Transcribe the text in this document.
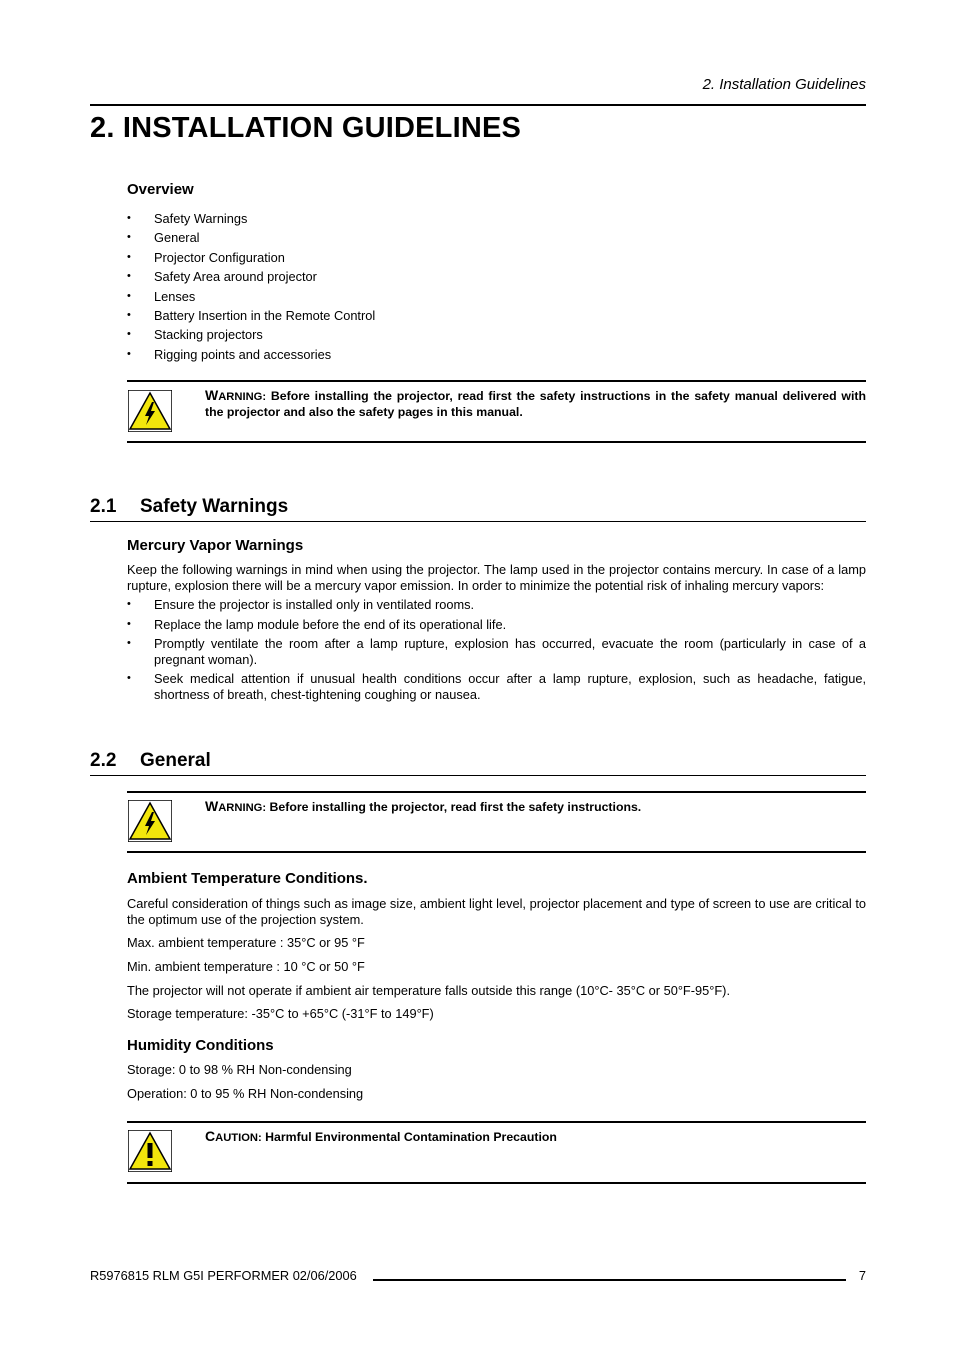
2. Installation Guidelines
2. INSTALLATION GUIDELINES
Overview
• Safety Warnings
• General
• Projector Configuration
• Safety Area around projector
• Lenses
• Battery Insertion in the Remote Control
• Stacking projectors
• Rigging points and accessories
WARNING: Before installing the projector, read first the safety instructions in the safety manual delivered with the projector and also the safety pages in this manual.
2.1 Safety Warnings
Mercury Vapor Warnings
Keep the following warnings in mind when using the projector. The lamp used in the projector contains mercury. In case of a lamp rupture, explosion there will be a mercury vapor emission. In order to minimize the potential risk of inhaling mercury vapors:
• Ensure the projector is installed only in ventilated rooms.
• Replace the lamp module before the end of its operational life.
• Promptly ventilate the room after a lamp rupture, explosion has occurred, evacuate the room (particularly in case of a pregnant woman).
• Seek medical attention if unusual health conditions occur after a lamp rupture, explosion, such as headache, fatigue, shortness of breath, chest-tightening coughing or nausea.
2.2 General
WARNING: Before installing the projector, read first the safety instructions.
Ambient Temperature Conditions.
Careful consideration of things such as image size, ambient light level, projector placement and type of screen to use are critical to the optimum use of the projection system.
Max. ambient temperature : 35°C or 95 °F
Min. ambient temperature : 10 °C or 50 °F
The projector will not operate if ambient air temperature falls outside this range (10°C- 35°C or 50°F-95°F).
Storage temperature: -35°C to +65°C (-31°F to 149°F)
Humidity Conditions
Storage: 0 to 98 % RH Non-condensing
Operation: 0 to 95 % RH Non-condensing
CAUTION: Harmful Environmental Contamination Precaution
R5976815 RLM G5I PERFORMER 02/06/2006	7
